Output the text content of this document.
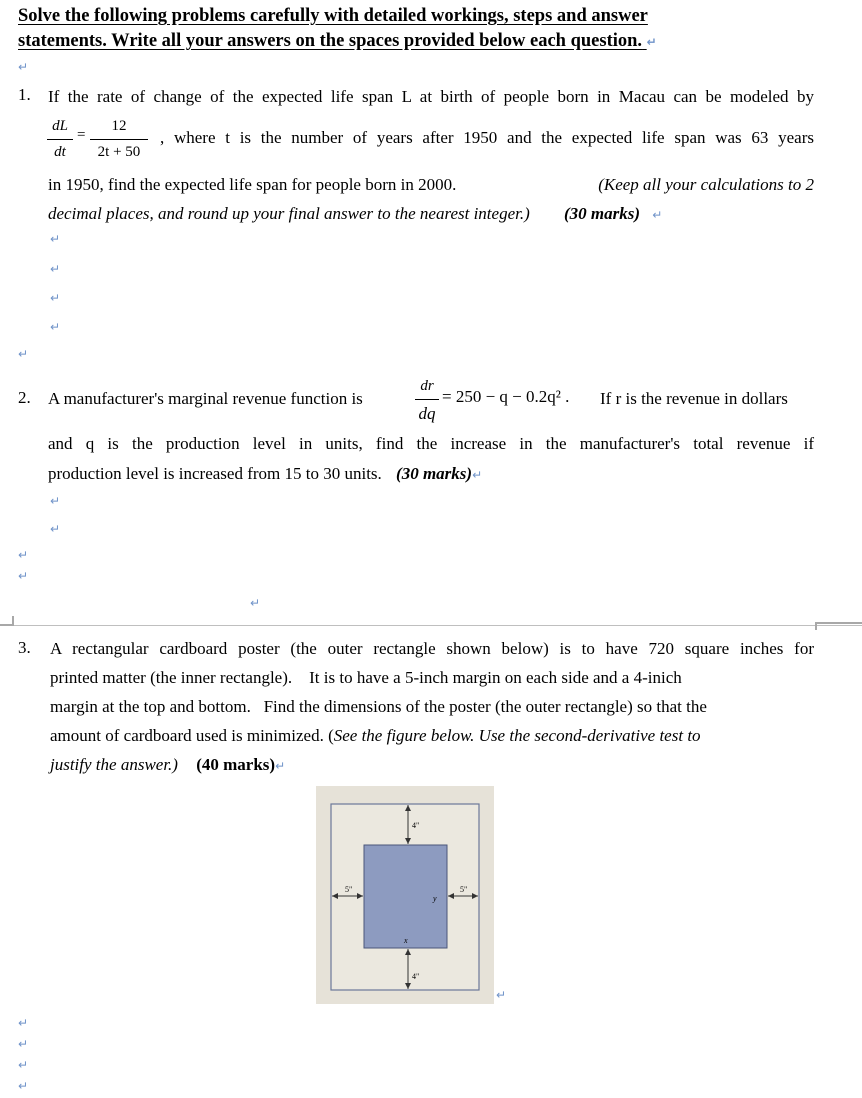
Solve the following problems carefully with detailed workings, steps and answer
statements. Write all your answers on the spaces provided below each question. ↵
↵
1. If the rate of change of the expected life span L at birth of people born in Macau can be modeled by
dL
dt
=
12
2t + 50
, where t is the number of years after 1950 and the expected life span was 63 years
in 1950, find the expected life span for people born in 2000.	(Keep all your calculations to 2
decimal places, and round up your final answer to the nearest integer.) (30 marks) ↵
↵
↵
↵
↵
↵
2. A manufacturer's marginal revenue function is
dr
dq
= 250 − q − 0.2q² . If r is the revenue in dollars
and q is the production level in units, find the increase in the manufacturer's total revenue if
production level is increased from 15 to 30 units. (30 marks)↵
↵
↵
↵
↵
↵
3. A rectangular cardboard poster (the outer rectangle shown below) is to have 720 square inches for
printed matter (the inner rectangle).    It is to have a 5-inch margin on each side and a 4-inich
margin at the top and bottom.   Find the dimensions of the poster (the outer rectangle) so that the
amount of cardboard used is minimized. (See the figure below. Use the second-derivative test to
justify the answer.) (40 marks)↵
4"
4"
5"	5"
x
y
↵
↵
↵
↵
↵
